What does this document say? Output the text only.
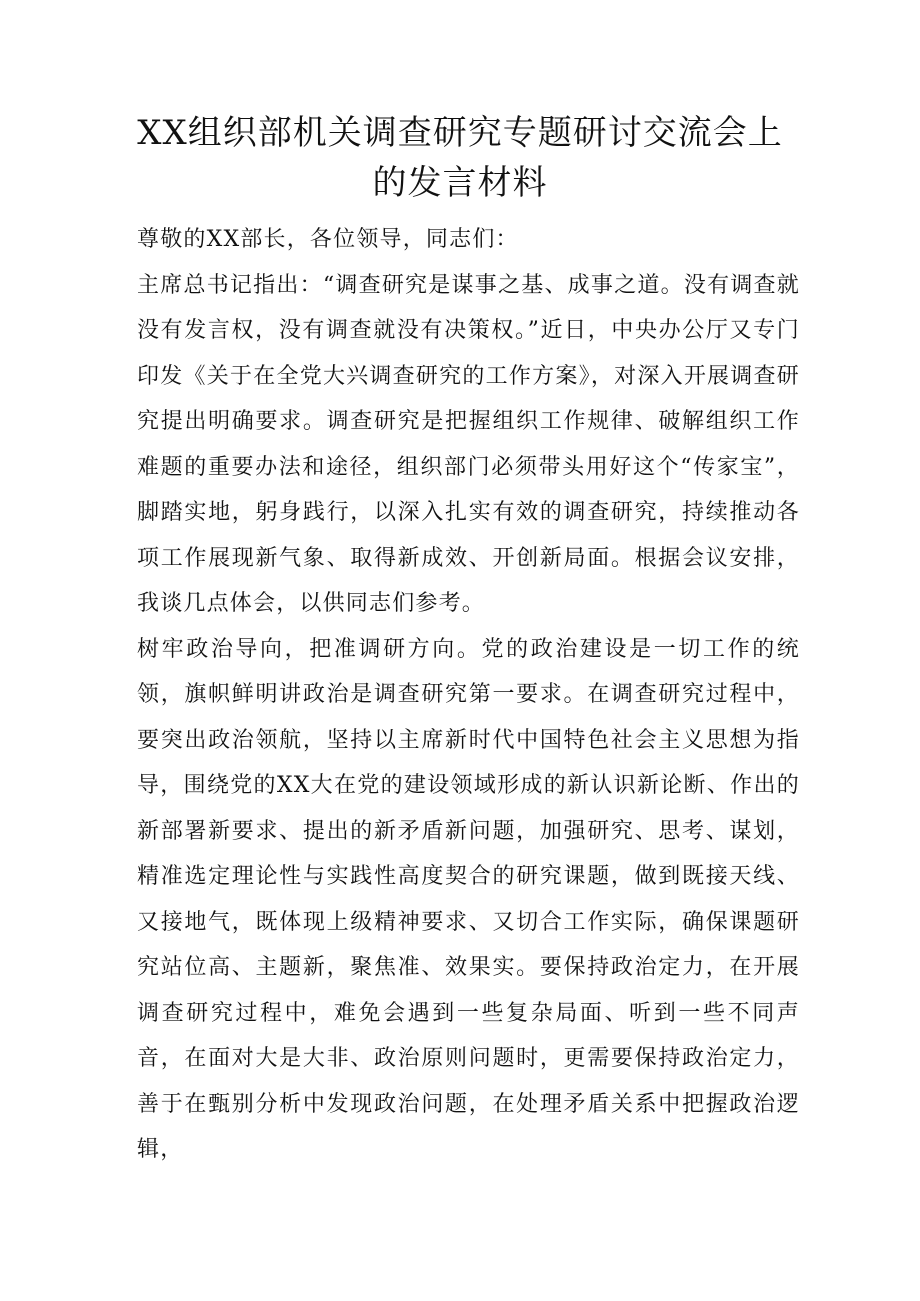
XX组织部机关调查研究专题研讨交流会上
的发言材料

尊敬的XX部长，各位领导，同志们：

主席总书记指出：“调查研究是谋事之基、成事之道。没有调查就没有发言权，没有调查就没有决策权。”近日，中央办公厅又专门印发《关于在全党大兴调查研究的工作方案》，对深入开展调查研究提出明确要求。调查研究是把握组织工作规律、破解组织工作难题的重要办法和途径，组织部门必须带头用好这个“传家宝”，脚踏实地，躬身践行，以深入扎实有效的调查研究，持续推动各项工作展现新气象、取得新成效、开创新局面。根据会议安排，我谈几点体会，以供同志们参考。

树牢政治导向，把准调研方向。党的政治建设是一切工作的统领，旗帜鲜明讲政治是调查研究第一要求。在调查研究过程中，要突出政治领航，坚持以主席新时代中国特色社会主义思想为指导，围绕党的XX大在党的建设领域形成的新认识新论断、作出的新部署新要求、提出的新矛盾新问题，加强研究、思考、谋划，精准选定理论性与实践性高度契合的研究课题，做到既接天线、又接地气，既体现上级精神要求、又切合工作实际，确保课题研究站位高、主题新，聚焦准、效果实。要保持政治定力，在开展调查研究过程中，难免会遇到一些复杂局面、听到一些不同声音，在面对大是大非、政治原则问题时，更需要保持政治定力，善于在甄别分析中发现政治问题，在处理矛盾关系中把握政治逻辑，
